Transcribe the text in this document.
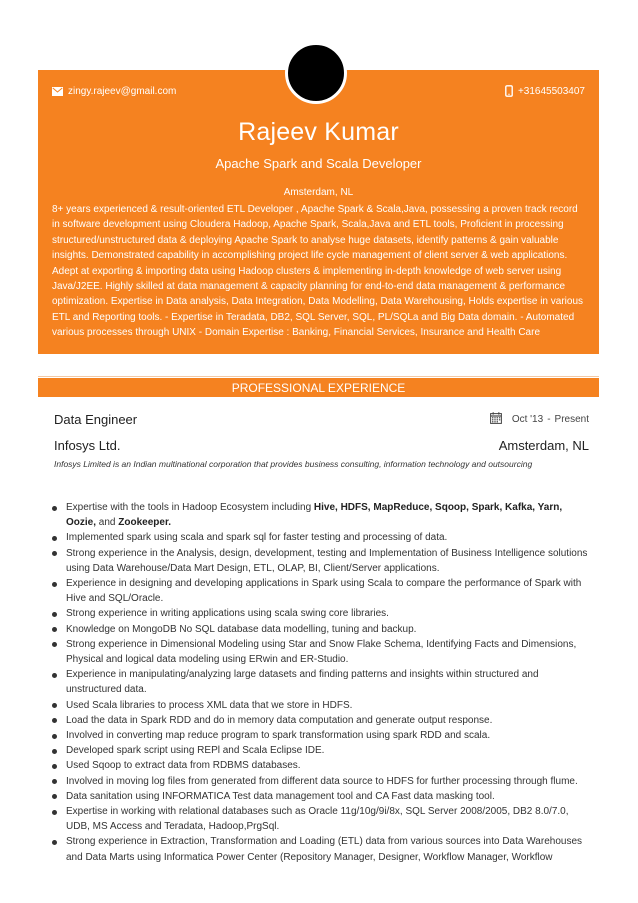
zingy.rajeev@gmail.com	+31645503407
Rajeev Kumar
Apache Spark and Scala Developer
Amsterdam, NL
8+ years experienced & result-oriented ETL Developer , Apache Spark & Scala,Java, possessing a proven track record in software development using Cloudera Hadoop, Apache Spark, Scala,Java and ETL tools, Proficient in processing structured/unstructured data & deploying Apache Spark to analyse huge datasets, identify patterns & gain valuable insights. Demonstrated capability in accomplishing project life cycle management of client server & web applications. Adept at exporting & importing data using Hadoop clusters & implementing in-depth knowledge of web server using Java/J2EE. Highly skilled at data management & capacity planning for end-to-end data management & performance optimization. Expertise in Data analysis, Data Integration, Data Modelling, Data Warehousing, Holds expertise in various ETL and Reporting tools. - Expertise in Teradata, DB2, SQL Server, SQL, PL/SQLa and Big Data domain. - Automated various processes through UNIX - Domain Expertise : Banking, Financial Services, Insurance and Health Care
PROFESSIONAL EXPERIENCE
Data Engineer	Oct '13 - Present
Infosys Ltd.	Amsterdam, NL
Infosys Limited is an Indian multinational corporation that provides business consulting, information technology and outsourcing
Expertise with the tools in Hadoop Ecosystem including Hive, HDFS, MapReduce, Sqoop, Spark, Kafka, Yarn, Oozie, and Zookeeper.
Implemented spark using scala and spark sql for faster testing and processing of data.
Strong experience in the Analysis, design, development, testing and Implementation of Business Intelligence solutions using Data Warehouse/Data Mart Design, ETL, OLAP, BI, Client/Server applications.
Experience in designing and developing applications in Spark using Scala to compare the performance of Spark with Hive and SQL/Oracle.
Strong experience in writing applications using scala swing core libraries.
Knowledge on MongoDB No SQL database data modelling, tuning and backup.
Strong experience in Dimensional Modeling using Star and Snow Flake Schema, Identifying Facts and Dimensions, Physical and logical data modeling using ERwin and ER-Studio.
Experience in manipulating/analyzing large datasets and finding patterns and insights within structured and unstructured data.
Used Scala libraries to process XML data that we store in HDFS.
Load the data in Spark RDD and do in memory data computation and generate output response.
Involved in converting map reduce program to spark transformation using spark RDD and scala.
Developed spark script using REPl and Scala Eclipse IDE.
Used Sqoop to extract data from RDBMS databases.
Involved in moving log files from generated from different data source to HDFS for further processing through flume.
Data sanitation using INFORMATICA Test data management tool and CA Fast data masking tool.
Expertise in working with relational databases such as Oracle 11g/10g/9i/8x, SQL Server 2008/2005, DB2 8.0/7.0, UDB, MS Access and Teradata, Hadoop,PrgSql.
Strong experience in Extraction, Transformation and Loading (ETL) data from various sources into Data Warehouses and Data Marts using Informatica Power Center (Repository Manager, Designer, Workflow Manager, Workflow
